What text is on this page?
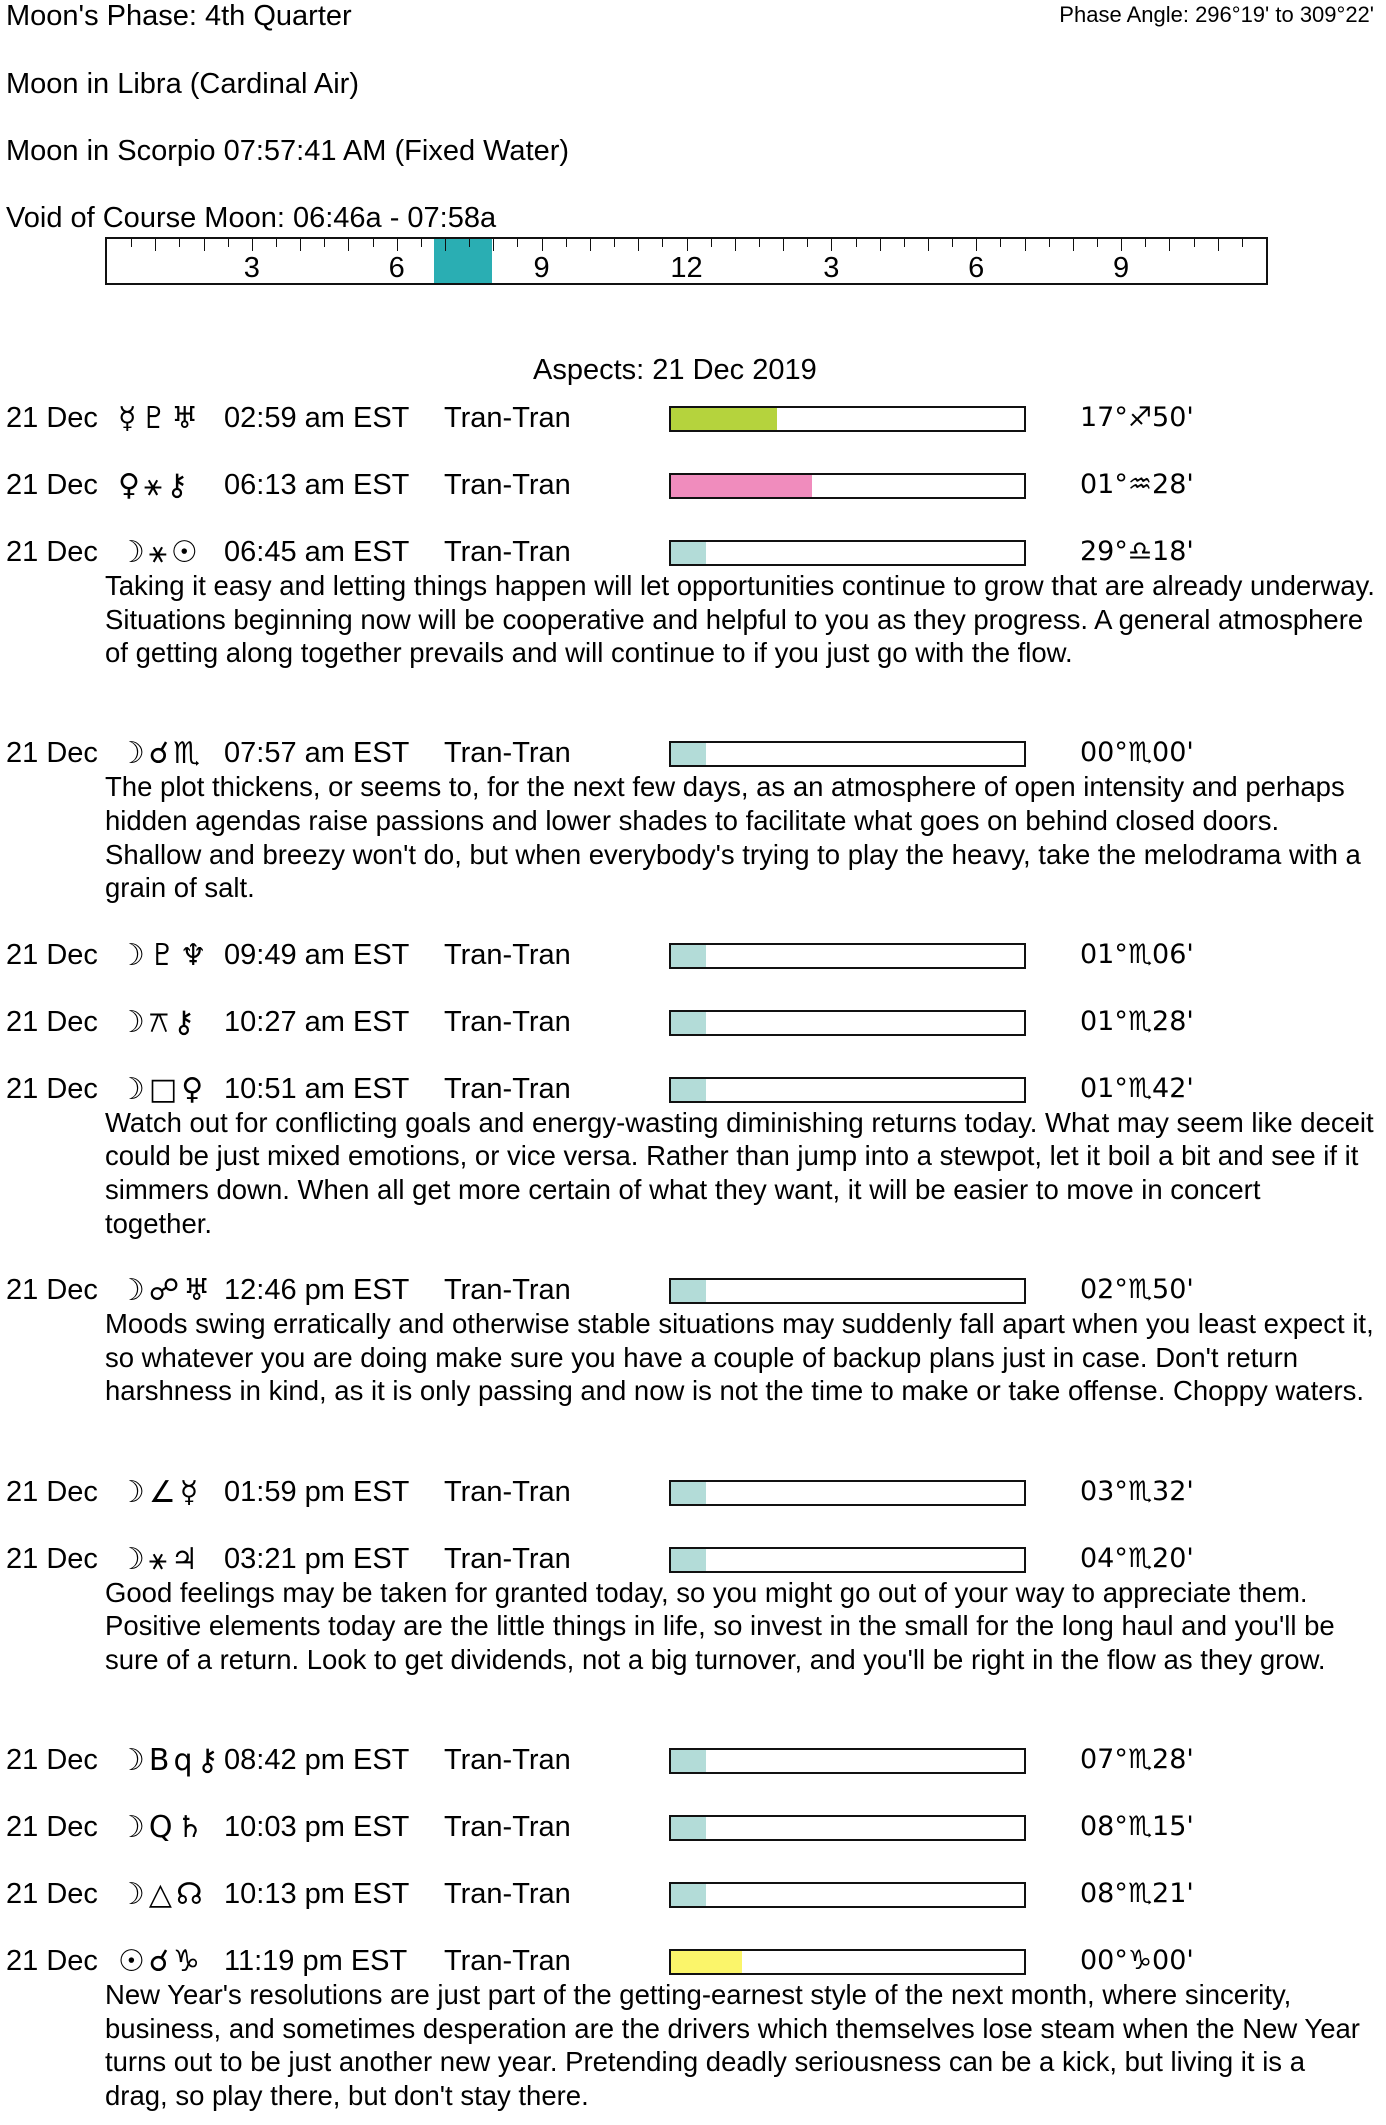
Moon's Phase: 4th Quarter	Phase Angle: 296°19' to 309°22'
Moon in Libra (Cardinal Air)
Moon in Scorpio 07:57:41 AM (Fixed Water)
Void of Course Moon: 06:46a - 07:58a
3	6	9	12	3	6	9
Aspects: 21 Dec 2019
21 Dec ☿♇♅ 02:59 am EST Tran-Tran	17°♐50'
21 Dec ♀⚹⚷	06:13 am EST Tran-Tran	01°♒28'
21 Dec ☽⚹☉ 06:45 am EST Tran-Tran	29°♎18'
Taking it easy and letting things happen will let opportunities continue to grow that are already underway. Situations beginning now will be cooperative and helpful to you as they progress. A general atmosphere of getting along together prevails and will continue to if you just go with the flow.
21 Dec ☽☌♏ 07:57 am EST Tran-Tran	00°♏00'
The plot thickens, or seems to, for the next few days, as an atmosphere of open intensity and perhaps hidden agendas raise passions and lower shades to facilitate what goes on behind closed doors. Shallow and breezy won't do, but when everybody's trying to play the heavy, take the melodrama with a grain of salt.
21 Dec ☽♇♆ 09:49 am EST Tran-Tran	01°♏06'
21 Dec ☽⚻⚷ 10:27 am EST Tran-Tran	01°♏28'
21 Dec ☽□♀ 10:51 am EST Tran-Tran	01°♏42'
Watch out for conflicting goals and energy-wasting diminishing returns today. What may seem like deceit could be just mixed emotions, or vice versa. Rather than jump into a stewpot, let it boil a bit and see if it simmers down. When all get more certain of what they want, it will be easier to move in concert together.
21 Dec ☽☍♅ 12:46 pm EST Tran-Tran	02°♏50'
Moods swing erratically and otherwise stable situations may suddenly fall apart when you least expect it, so whatever you are doing make sure you have a couple of backup plans just in case. Don't return harshness in kind, as it is only passing and now is not the time to make or take offense. Choppy waters.
21 Dec ☽∠☿ 01:59 pm EST Tran-Tran	03°♏32'
21 Dec ☽⚹♃ 03:21 pm EST Tran-Tran	04°♏20'
Good feelings may be taken for granted today, so you might go out of your way to appreciate them. Positive elements today are the little things in life, so invest in the small for the long haul and you'll be sure of a return. Look to get dividends, not a big turnover, and you'll be right in the flow as they grow.
21 Dec ☽Bq⚷ 08:42 pm EST Tran-Tran	07°♏28'
21 Dec ☽Q♄ 10:03 pm EST Tran-Tran	08°♏15'
21 Dec ☽△☊ 10:13 pm EST Tran-Tran	08°♏21'
21 Dec ☉☌♑ 11:19 pm EST Tran-Tran	00°♑00'
New Year's resolutions are just part of the getting-earnest style of the next month, where sincerity, business, and sometimes desperation are the drivers which themselves lose steam when the New Year turns out to be just another new year. Pretending deadly seriousness can be a kick, but living it is a drag, so play there, but don't stay there.
